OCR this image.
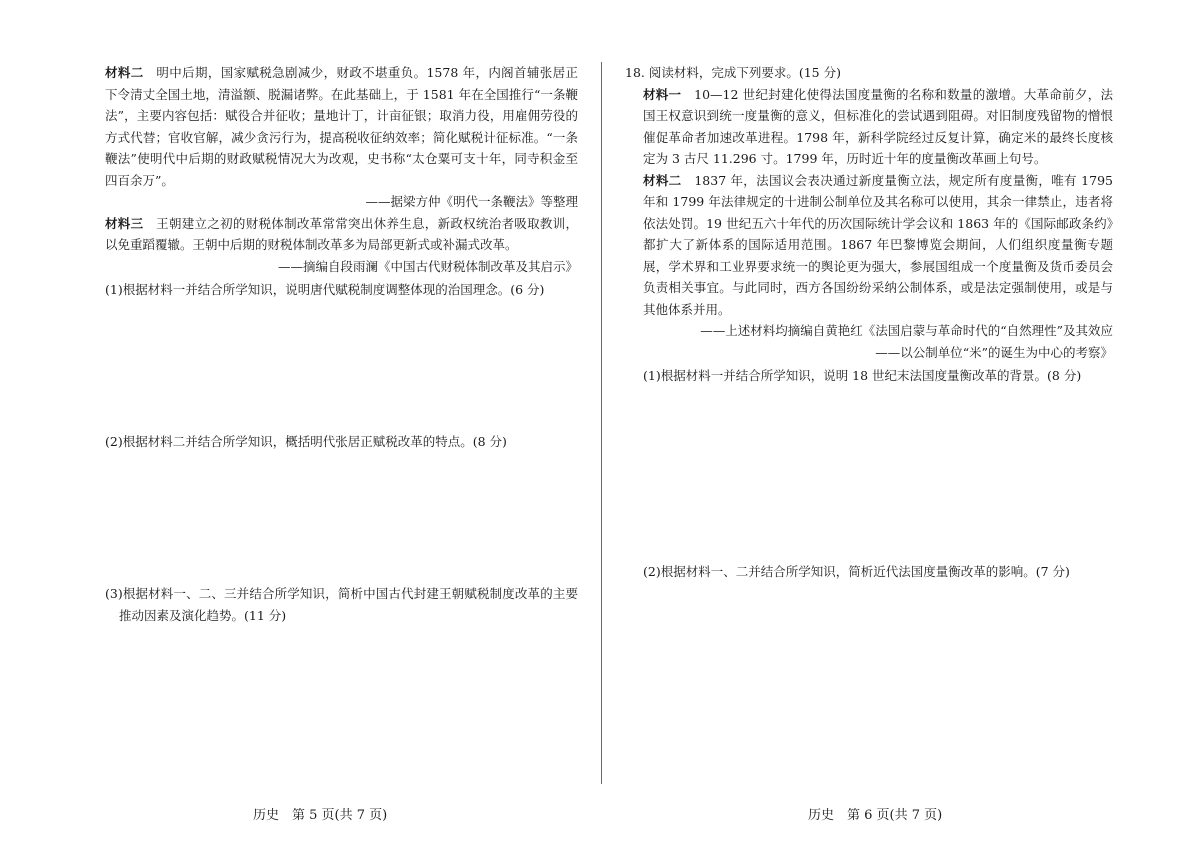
材料二　明中后期，国家赋税急剧减少，财政不堪重负。1578 年，内阁首辅张居正下令清丈全国土地，清溢额、脱漏诸弊。在此基础上，于 1581 年在全国推行“一条鞭法”，主要内容包括：赋役合并征收；量地计丁，计亩征银；取消力役，用雇佣劳役的方式代替；官收官解，减少贪污行为，提高税收征纳效率；简化赋税计征标准。“一条鞭法”使明代中后期的财政赋税情况大为改观，史书称“太仓粟可支十年，同寺积金至四百余万”。

——据梁方仲《明代一条鞭法》等整理

材料三　王朝建立之初的财税体制改革常常突出休养生息，新政权统治者吸取教训，以免重蹈覆辙。王朝中后期的财税体制改革多为局部更新式或补漏式改革。

——摘编自段雨澜《中国古代财税体制改革及其启示》

(1)根据材料一并结合所学知识，说明唐代赋税制度调整体现的治国理念。(6 分)

(2)根据材料二并结合所学知识，概括明代张居正赋税改革的特点。(8 分)

(3)根据材料一、二、三并结合所学知识，简析中国古代封建王朝赋税制度改革的主要推动因素及演化趋势。(11 分)

18. 阅读材料，完成下列要求。(15 分)

材料一　10—12 世纪封建化使得法国度量衡的名称和数量的激增。大革命前夕，法国王权意识到统一度量衡的意义，但标准化的尝试遇到阻碍。对旧制度残留物的憎恨催促革命者加速改革进程。1798 年，新科学院经过反复计算，确定米的最终长度核定为 3 古尺 11.296 寸。1799 年，历时近十年的度量衡改革画上句号。

材料二　1837 年，法国议会表决通过新度量衡立法，规定所有度量衡，唯有 1795 年和 1799 年法律规定的十进制公制单位及其名称可以使用，其余一律禁止，违者将依法处罚。19 世纪五六十年代的历次国际统计学会议和 1863 年的《国际邮政条约》都扩大了新体系的国际适用范围。1867 年巴黎博览会期间，人们组织度量衡专题展，学术界和工业界要求统一的舆论更为强大，参展国组成一个度量衡及货币委员会负责相关事宜。与此同时，西方各国纷纷采纳公制体系，或是法定强制使用，或是与其他体系并用。

——上述材料均摘编自黄艳红《法国启蒙与革命时代的“自然理性”及其效应

——以公制单位“米”的诞生为中心的考察》

(1)根据材料一并结合所学知识，说明 18 世纪末法国度量衡改革的背景。(8 分)

(2)根据材料一、二并结合所学知识，简析近代法国度量衡改革的影响。(7 分)

历史　第 5 页(共 7 页)	历史　第 6 页(共 7 页)
